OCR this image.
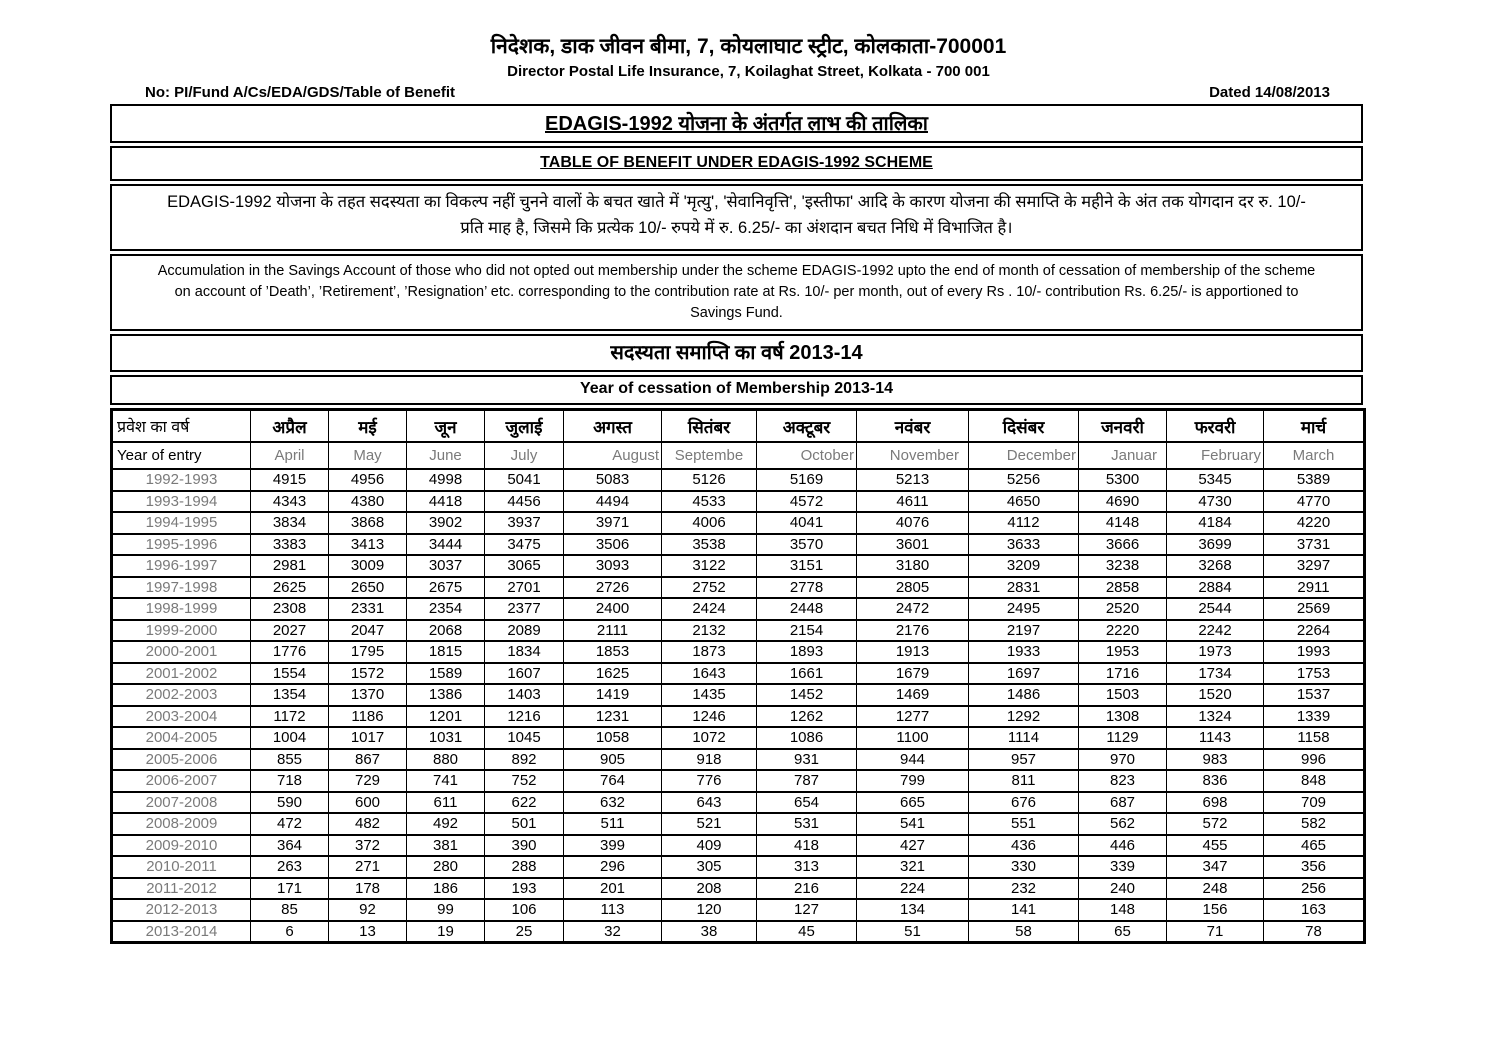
निदेशक, डाक जीवन बीमा, 7, कोयलाघाट स्ट्रीट, कोलकाता-700001
Director Postal Life Insurance, 7, Koilaghat Street, Kolkata - 700 001
No: PI/Fund A/Cs/EDA/GDS/Table of Benefit	Dated 14/08/2013
EDAGIS-1992 योजना के अंतर्गत लाभ की तालिका
TABLE OF BENEFIT UNDER EDAGIS-1992 SCHEME
EDAGIS-1992 योजना के तहत सदस्यता का विकल्प नहीं चुनने वालों के बचत खाते में 'मृत्यु', 'सेवानिवृत्ति', 'इस्तीफा' आदि के कारण योजना की समाप्ति के महीने के अंत तक योगदान दर रु. 10/-
प्रति माह है, जिसमे कि प्रत्येक 10/- रुपये में रु. 6.25/- का अंशदान बचत निधि में विभाजित है।
Accumulation in the Savings Account of those who did not opted out membership under the scheme EDAGIS-1992 upto the end of month of cessation of membership of the scheme
on account of ’Death’, ’Retirement’, ’Resignation’ etc. corresponding to the contribution rate at Rs. 10/- per month, out of every Rs . 10/- contribution Rs. 6.25/- is apportioned to
Savings Fund.
सदस्यता समाप्ति का वर्ष 2013-14
Year of cessation of Membership 2013-14
प्रवेश का वर्ष	अप्रैल	मई	जून	जुलाई	अगस्त	सितंबर	अक्टूबर	नवंबर	दिसंबर	जनवरी	फरवरी	मार्च
Year of entry	April	May	June	July	August	Septembe	October	November	December	Januar	February	March
1992-1993	4915	4956	4998	5041	5083	5126	5169	5213	5256	5300	5345	5389
1993-1994	4343	4380	4418	4456	4494	4533	4572	4611	4650	4690	4730	4770
1994-1995	3834	3868	3902	3937	3971	4006	4041	4076	4112	4148	4184	4220
1995-1996	3383	3413	3444	3475	3506	3538	3570	3601	3633	3666	3699	3731
1996-1997	2981	3009	3037	3065	3093	3122	3151	3180	3209	3238	3268	3297
1997-1998	2625	2650	2675	2701	2726	2752	2778	2805	2831	2858	2884	2911
1998-1999	2308	2331	2354	2377	2400	2424	2448	2472	2495	2520	2544	2569
1999-2000	2027	2047	2068	2089	2111	2132	2154	2176	2197	2220	2242	2264
2000-2001	1776	1795	1815	1834	1853	1873	1893	1913	1933	1953	1973	1993
2001-2002	1554	1572	1589	1607	1625	1643	1661	1679	1697	1716	1734	1753
2002-2003	1354	1370	1386	1403	1419	1435	1452	1469	1486	1503	1520	1537
2003-2004	1172	1186	1201	1216	1231	1246	1262	1277	1292	1308	1324	1339
2004-2005	1004	1017	1031	1045	1058	1072	1086	1100	1114	1129	1143	1158
2005-2006	855	867	880	892	905	918	931	944	957	970	983	996
2006-2007	718	729	741	752	764	776	787	799	811	823	836	848
2007-2008	590	600	611	622	632	643	654	665	676	687	698	709
2008-2009	472	482	492	501	511	521	531	541	551	562	572	582
2009-2010	364	372	381	390	399	409	418	427	436	446	455	465
2010-2011	263	271	280	288	296	305	313	321	330	339	347	356
2011-2012	171	178	186	193	201	208	216	224	232	240	248	256
2012-2013	85	92	99	106	113	120	127	134	141	148	156	163
2013-2014	6	13	19	25	32	38	45	51	58	65	71	78
